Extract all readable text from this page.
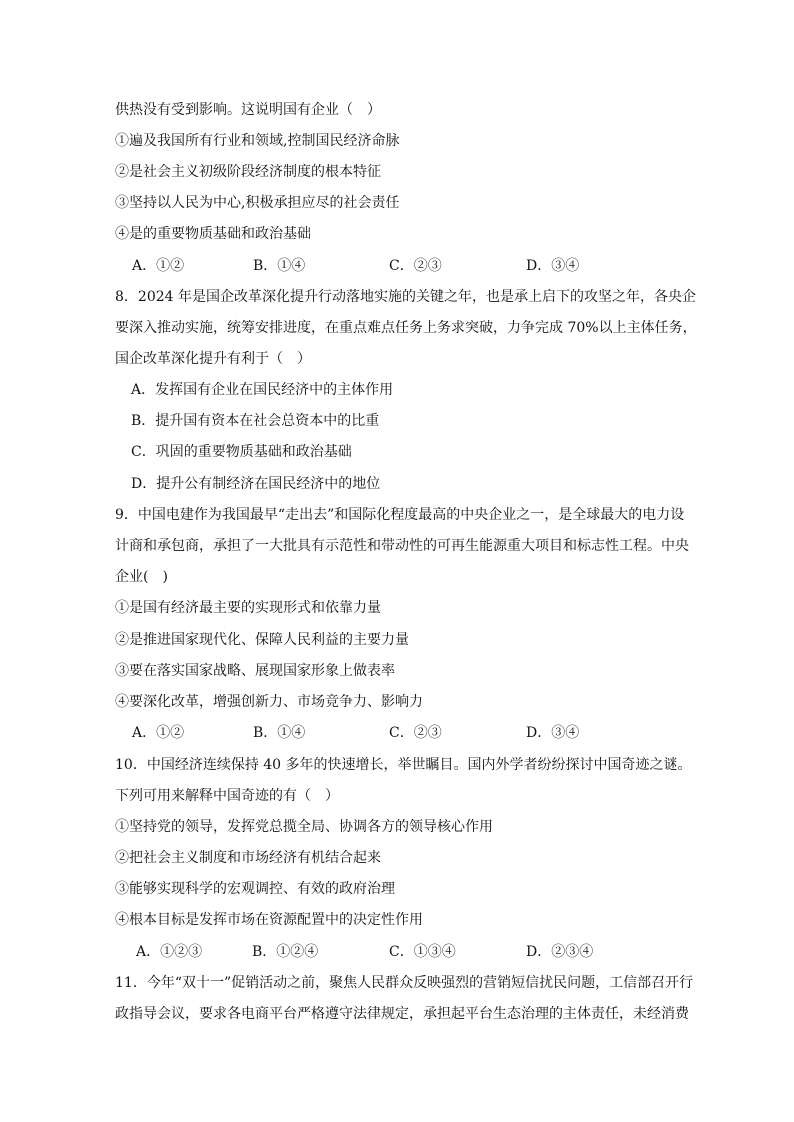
供热没有受到影响。这说明国有企业（　）
①遍及我国所有行业和领域,控制国民经济命脉
②是社会主义初级阶段经济制度的根本特征
③坚持以人民为中心,积极承担应尽的社会责任
④是的重要物质基础和政治基础
A．①②	B．①④	C．②③	D．③④
8．2024 年是国企改革深化提升行动落地实施的关键之年，也是承上启下的攻坚之年，各央企
要深入推动实施，统筹安排进度，在重点难点任务上务求突破，力争完成 70%以上主体任务，
国企改革深化提升有利于（　）
A．发挥国有企业在国民经济中的主体作用
B．提升国有资本在社会总资本中的比重
C．巩固的重要物质基础和政治基础
D．提升公有制经济在国民经济中的地位
9．中国电建作为我国最早“走出去”和国际化程度最高的中央企业之一，是全球最大的电力设
计商和承包商，承担了一大批具有示范性和带动性的可再生能源重大项目和标志性工程。中央
企业(　)
①是国有经济最主要的实现形式和依靠力量
②是推进国家现代化、保障人民利益的主要力量
③要在落实国家战略、展现国家形象上做表率
④要深化改革，增强创新力、市场竞争力、影响力
A．①②	B．①④	C．②③	D．③④
10．中国经济连续保持 40 多年的快速增长，举世瞩目。国内外学者纷纷探讨中国奇迹之谜。
下列可用来解释中国奇迹的有（　）
①坚持党的领导，发挥党总揽全局、协调各方的领导核心作用
②把社会主义制度和市场经济有机结合起来
③能够实现科学的宏观调控、有效的政府治理
④根本目标是发挥市场在资源配置中的决定性作用
A．①②③	B．①②④	C．①③④	D．②③④
11．今年“双十一”促销活动之前，聚焦人民群众反映强烈的营销短信扰民问题，工信部召开行
政指导会议，要求各电商平台严格遵守法律规定，承担起平台生态治理的主体责任，未经消费
